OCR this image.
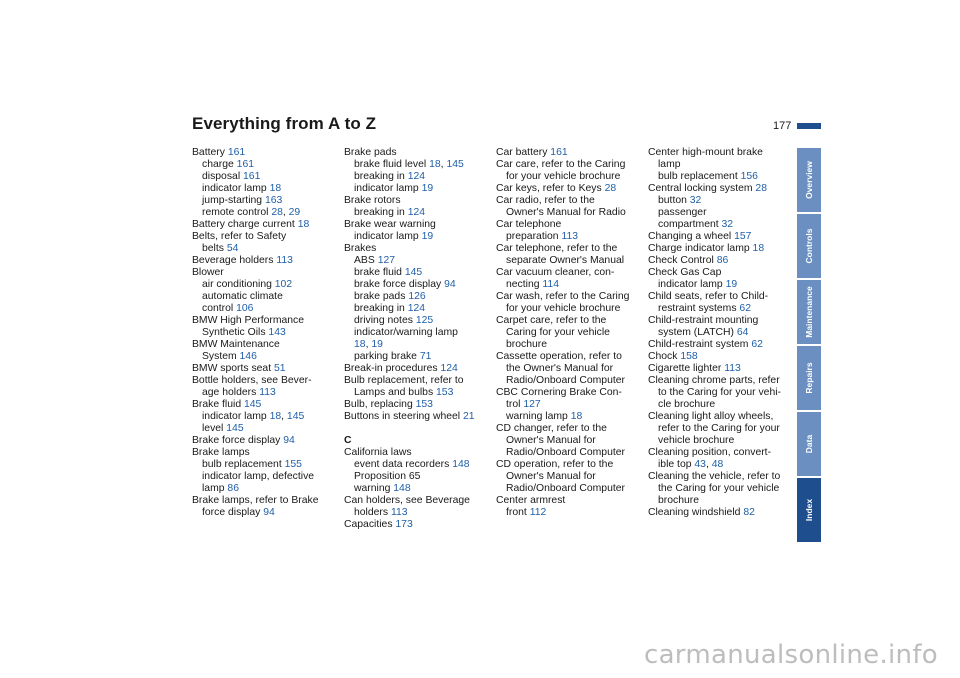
Everything from A to Z	177
Battery 161
charge 161
disposal 161
indicator lamp 18
jump-starting 163
remote control 28, 29
Battery charge current 18
Belts, refer to Safety
belts 54
Beverage holders 113
Blower
air conditioning 102
automatic climate
control 106
BMW High Performance
Synthetic Oils 143
BMW Maintenance
System 146
BMW sports seat 51
Bottle holders, see Bever-
age holders 113
Brake fluid 145
indicator lamp 18, 145
level 145
Brake force display 94
Brake lamps
bulb replacement 155
indicator lamp, defective
lamp 86
Brake lamps, refer to Brake
force display 94
Brake pads
brake fluid level 18, 145
breaking in 124
indicator lamp 19
Brake rotors
breaking in 124
Brake wear warning
indicator lamp 19
Brakes
ABS 127
brake fluid 145
brake force display 94
brake pads 126
breaking in 124
driving notes 125
indicator/warning lamp
18, 19
parking brake 71
Break-in procedures 124
Bulb replacement, refer to
Lamps and bulbs 153
Bulb, replacing 153
Buttons in steering wheel 21
C
California laws
event data recorders 148
Proposition 65
warning 148
Can holders, see Beverage
holders 113
Capacities 173
Car battery 161
Car care, refer to the Caring
for your vehicle brochure
Car keys, refer to Keys 28
Car radio, refer to the
Owner's Manual for Radio
Car telephone
preparation 113
Car telephone, refer to the
separate Owner's Manual
Car vacuum cleaner, con-
necting 114
Car wash, refer to the Caring
for your vehicle brochure
Carpet care, refer to the
Caring for your vehicle
brochure
Cassette operation, refer to
the Owner's Manual for
Radio/Onboard Computer
CBC Cornering Brake Con-
trol 127
warning lamp 18
CD changer, refer to the
Owner's Manual for
Radio/Onboard Computer
CD operation, refer to the
Owner's Manual for
Radio/Onboard Computer
Center armrest
front 112
Center high-mount brake
lamp
bulb replacement 156
Central locking system 28
button 32
passenger
compartment 32
Changing a wheel 157
Charge indicator lamp 18
Check Control 86
Check Gas Cap
indicator lamp 19
Child seats, refer to Child-
restraint systems 62
Child-restraint mounting
system (LATCH) 64
Child-restraint system 62
Chock 158
Cigarette lighter 113
Cleaning chrome parts, refer
to the Caring for your vehi-
cle brochure
Cleaning light alloy wheels,
refer to the Caring for your
vehicle brochure
Cleaning position, convert-
ible top 43, 48
Cleaning the vehicle, refer to
the Caring for your vehicle
brochure
Cleaning windshield 82
Overview
Controls
Maintenance
Repairs
Data
Index
carmanualsonline.info
